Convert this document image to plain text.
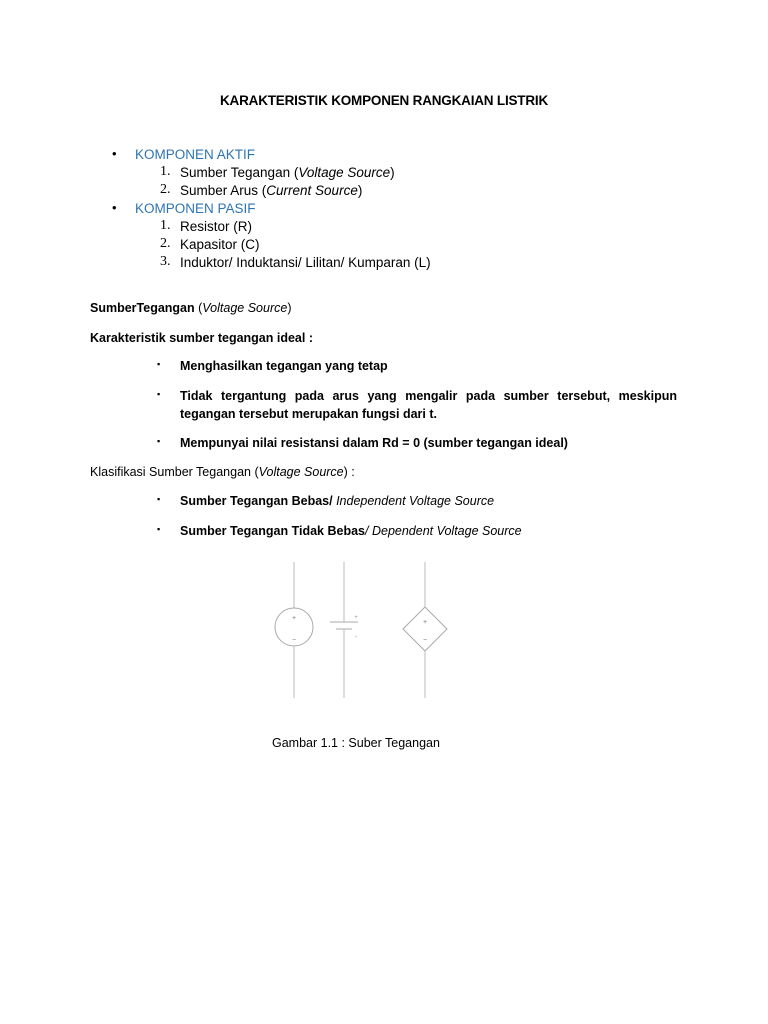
KARAKTERISTIK KOMPONEN RANGKAIAN LISTRIK
• KOMPONEN AKTIF
1. Sumber Tegangan (Voltage Source)
2. Sumber Arus (Current Source)
• KOMPONEN PASIF
1. Resistor (R)
2. Kapasitor (C)
3. Induktor/ Induktansi/ Lilitan/ Kumparan (L)
SumberTegangan (Voltage Source)
Karakteristik sumber tegangan ideal :
▪ Menghasilkan tegangan yang tetap
▪ Tidak tergantung pada arus yang mengalir pada sumber tersebut, meskipun tegangan tersebut merupakan fungsi dari t.
▪ Mempunyai nilai resistansi dalam Rd = 0 (sumber tegangan ideal)
Klasifikasi Sumber Tegangan (Voltage Source) :
▪ Sumber Tegangan Bebas/ Independent Voltage Source
▪ Sumber Tegangan Tidak Bebas/ Dependent Voltage Source
+
−
+
−
+
−
Gambar 1.1 : Suber Tegangan
